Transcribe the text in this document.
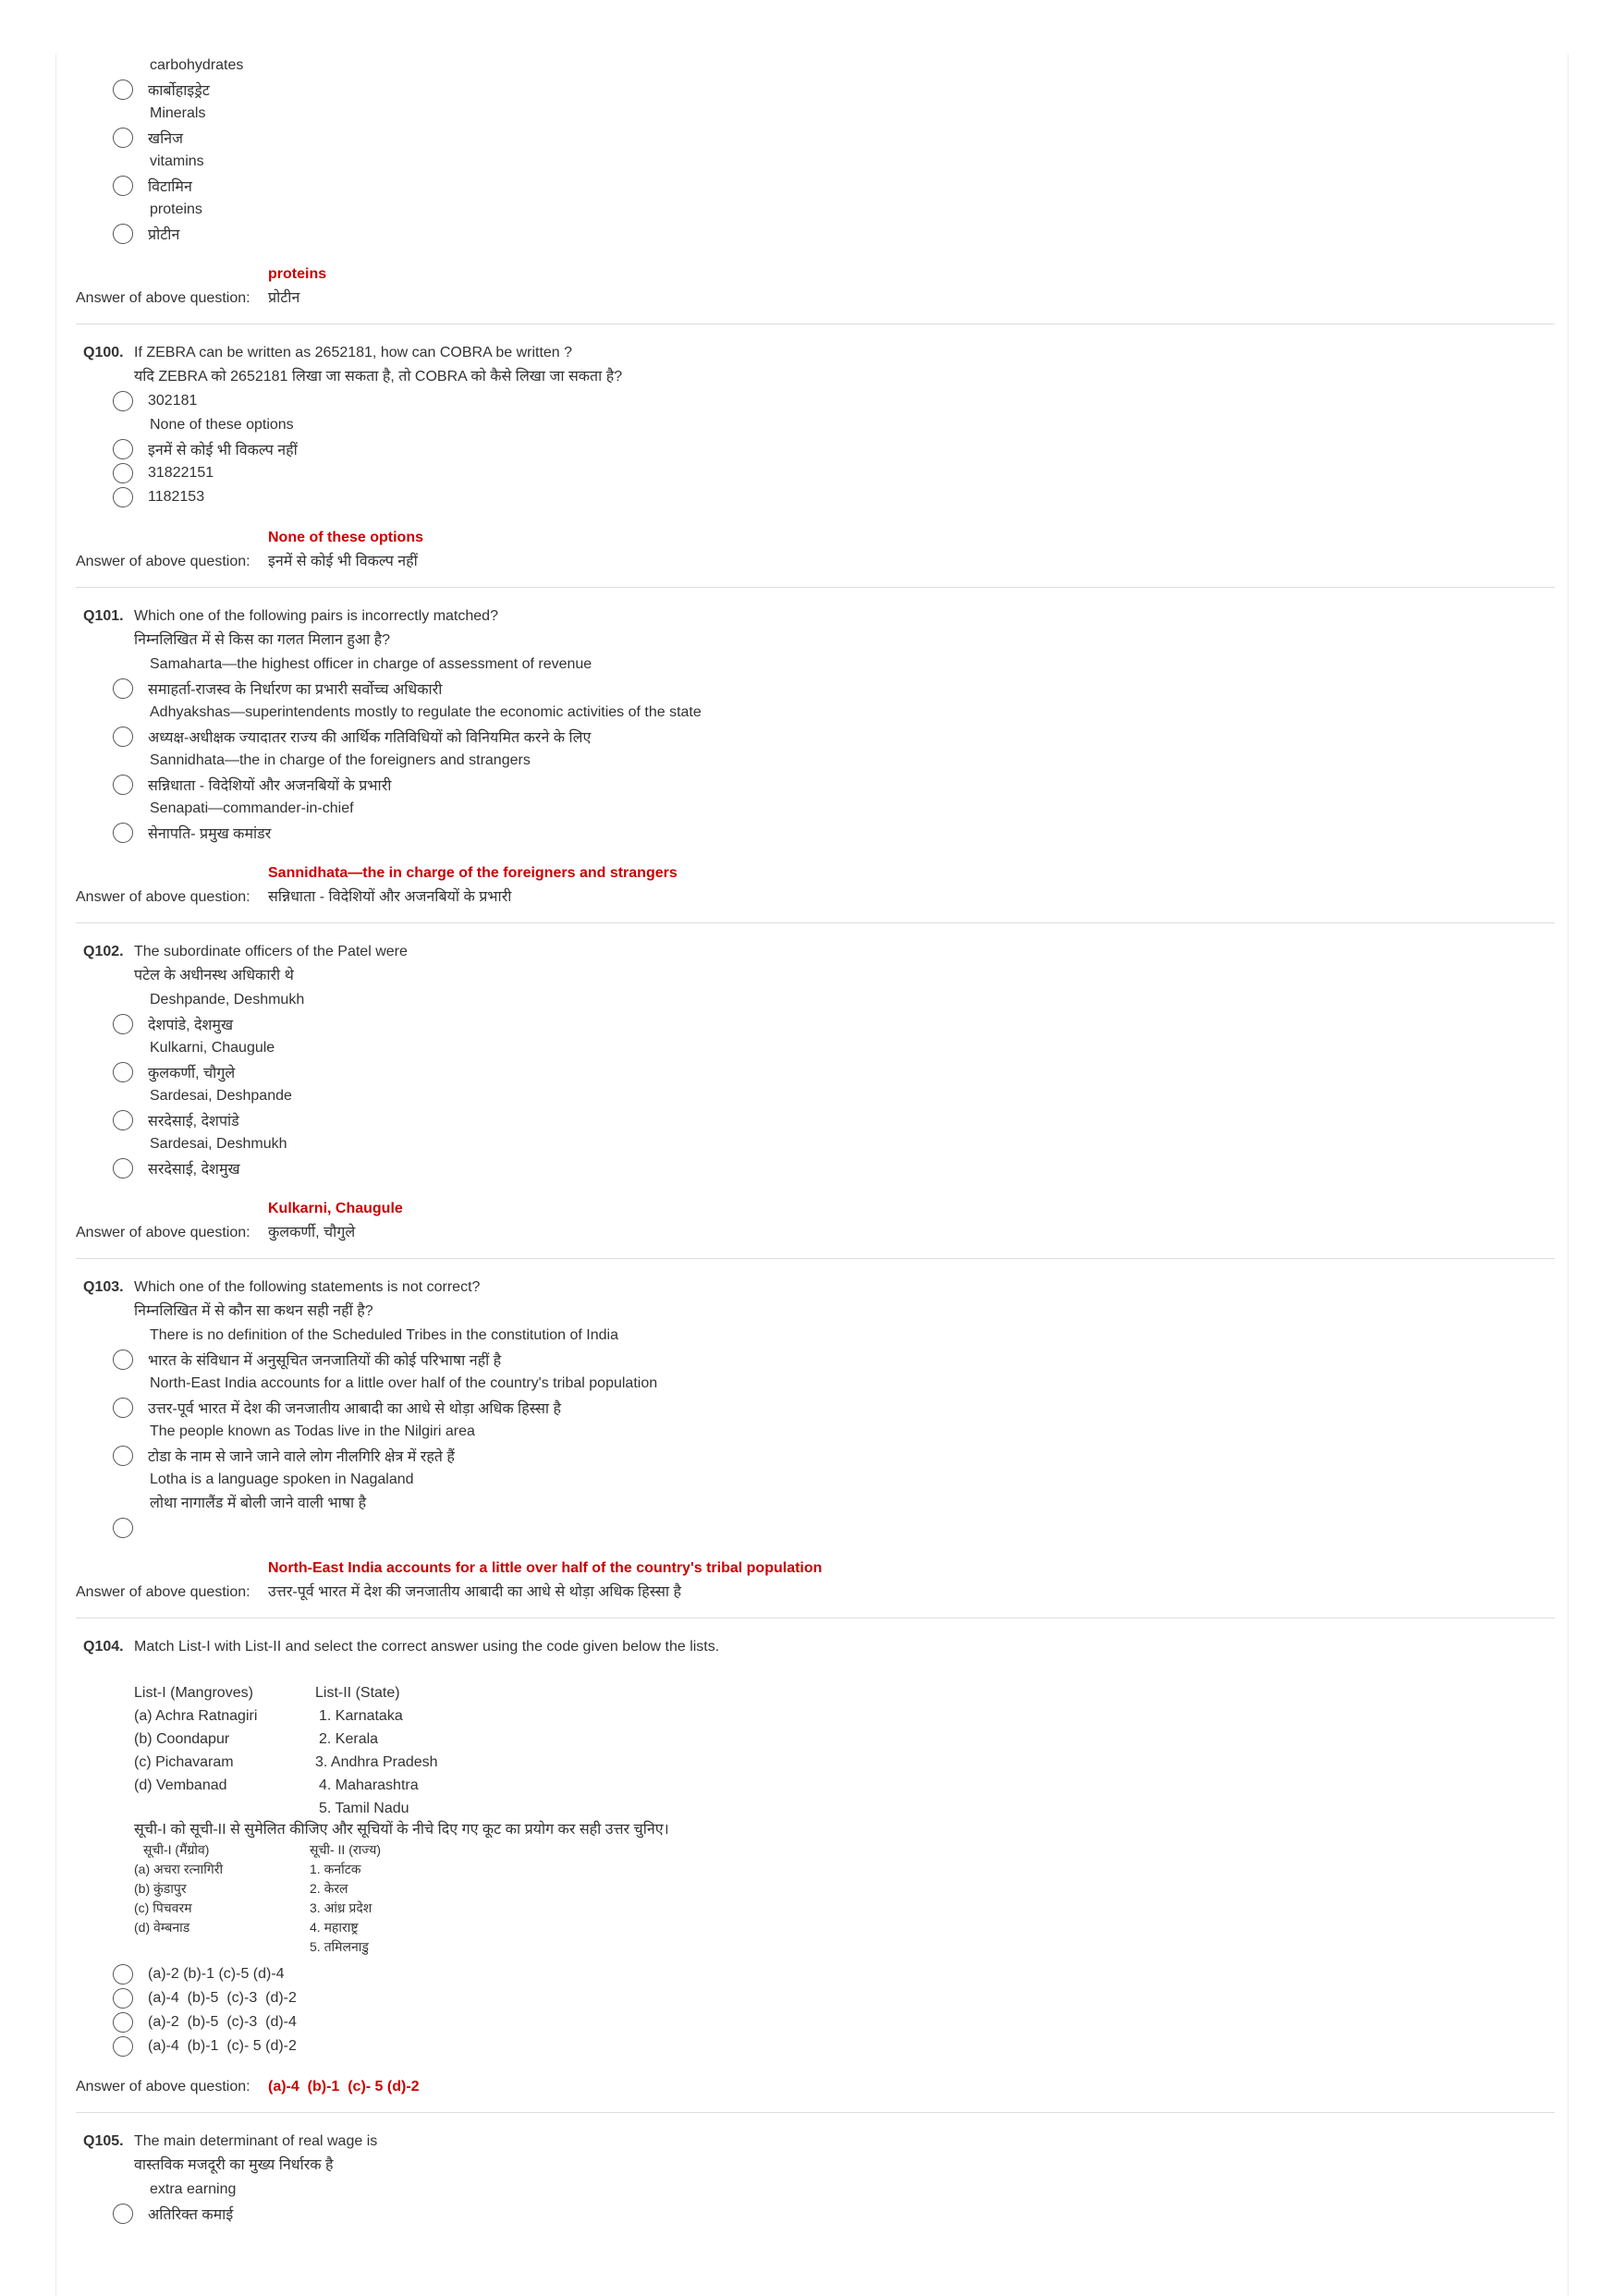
carbohydrates
कार्बोहाइड्रेट
Minerals
खनिज
vitamins
विटामिन
proteins
प्रोटीन
proteins
Answer of above question:	प्रोटीन
Q100. If ZEBRA can be written as 2652181, how can COBRA be written ?
यदि ZEBRA को 2652181 लिखा जा सकता है, तो COBRA को कैसे लिखा जा सकता है?
302181
None of these options
इनमें से कोई भी विकल्प नहीं
31822151
1182153
None of these options
Answer of above question:	इनमें से कोई भी विकल्प नहीं
Q101. Which one of the following pairs is incorrectly matched?
निम्नलिखित में से किस का गलत मिलान हुआ है?
Samaharta—the highest officer in charge of assessment of revenue
समाहर्ता-राजस्व के निर्धारण का प्रभारी सर्वोच्च अधिकारी
Adhyakshas—superintendents mostly to regulate the economic activities of the state
अध्यक्ष-अधीक्षक ज्यादातर राज्य की आर्थिक गतिविधियों को विनियमित करने के लिए
Sannidhata—the in charge of the foreigners and strangers
सन्निधाता - विदेशियों और अजनबियों के प्रभारी
Senapati—commander-in-chief
सेनापति- प्रमुख कमांडर
Sannidhata—the in charge of the foreigners and strangers
Answer of above question:	सन्निधाता - विदेशियों और अजनबियों के प्रभारी
Q102. The subordinate officers of the Patel were
पटेल के अधीनस्थ अधिकारी थे
Deshpande, Deshmukh
देशपांडे, देशमुख
Kulkarni, Chaugule
कुलकर्णी, चौगुले
Sardesai, Deshpande
सरदेसाई, देशपांडे
Sardesai, Deshmukh
सरदेसाई, देशमुख
Kulkarni, Chaugule
Answer of above question:	कुलकर्णी, चौगुले
Q103. Which one of the following statements is not correct?
निम्नलिखित में से कौन सा कथन सही नहीं है?
There is no definition of the Scheduled Tribes in the constitution of India
भारत के संविधान में अनुसूचित जनजातियों की कोई परिभाषा नहीं है
North-East India accounts for a little over half of the country's tribal population
उत्तर-पूर्व भारत में देश की जनजातीय आबादी का आधे से थोड़ा अधिक हिस्सा है
The people known as Todas live in the Nilgiri area
टोडा के नाम से जाने जाने वाले लोग नीलगिरि क्षेत्र में रहते हैं
Lotha is a language spoken in Nagaland
लोथा नागालैंड में बोली जाने वाली भाषा है
North-East India accounts for a little over half of the country's tribal population
Answer of above question:	उत्तर-पूर्व भारत में देश की जनजातीय आबादी का आधे से थोड़ा अधिक हिस्सा है
Q104. Match List-I with List-II and select the correct answer using the code given below the lists.
List-I (Mangroves)	List-II (State)
(a) Achra Ratnagiri	1. Karnataka
(b) Coondapur	2. Kerala
(c) Pichavaram	3. Andhra Pradesh
(d) Vembanad	4. Maharashtra
5. Tamil Nadu
सूची-I को सूची-II से सुमेलित कीजिए और सूचियों के नीचे दिए गए कूट का प्रयोग कर सही उत्तर चुनिए।
सूची-I (मैंग्रोव)	सूची- II (राज्य)
(a) अचरा रत्नागिरी	1. कर्नाटक
(b) कुंडापुर	2. केरल
(c) पिचवरम	3. आंध्र प्रदेश
(d) वेम्बनाड	4. महाराष्ट्र
5. तमिलनाडु
(a)-2 (b)-1 (c)-5 (d)-4
(a)-4  (b)-5  (c)-3  (d)-2
(a)-2  (b)-5  (c)-3  (d)-4
(a)-4  (b)-1  (c)- 5 (d)-2
Answer of above question:	(a)-4  (b)-1  (c)- 5 (d)-2
Q105. The main determinant of real wage is
वास्तविक मजदूरी का मुख्य निर्धारक है
extra earning
अतिरिक्त कमाई
